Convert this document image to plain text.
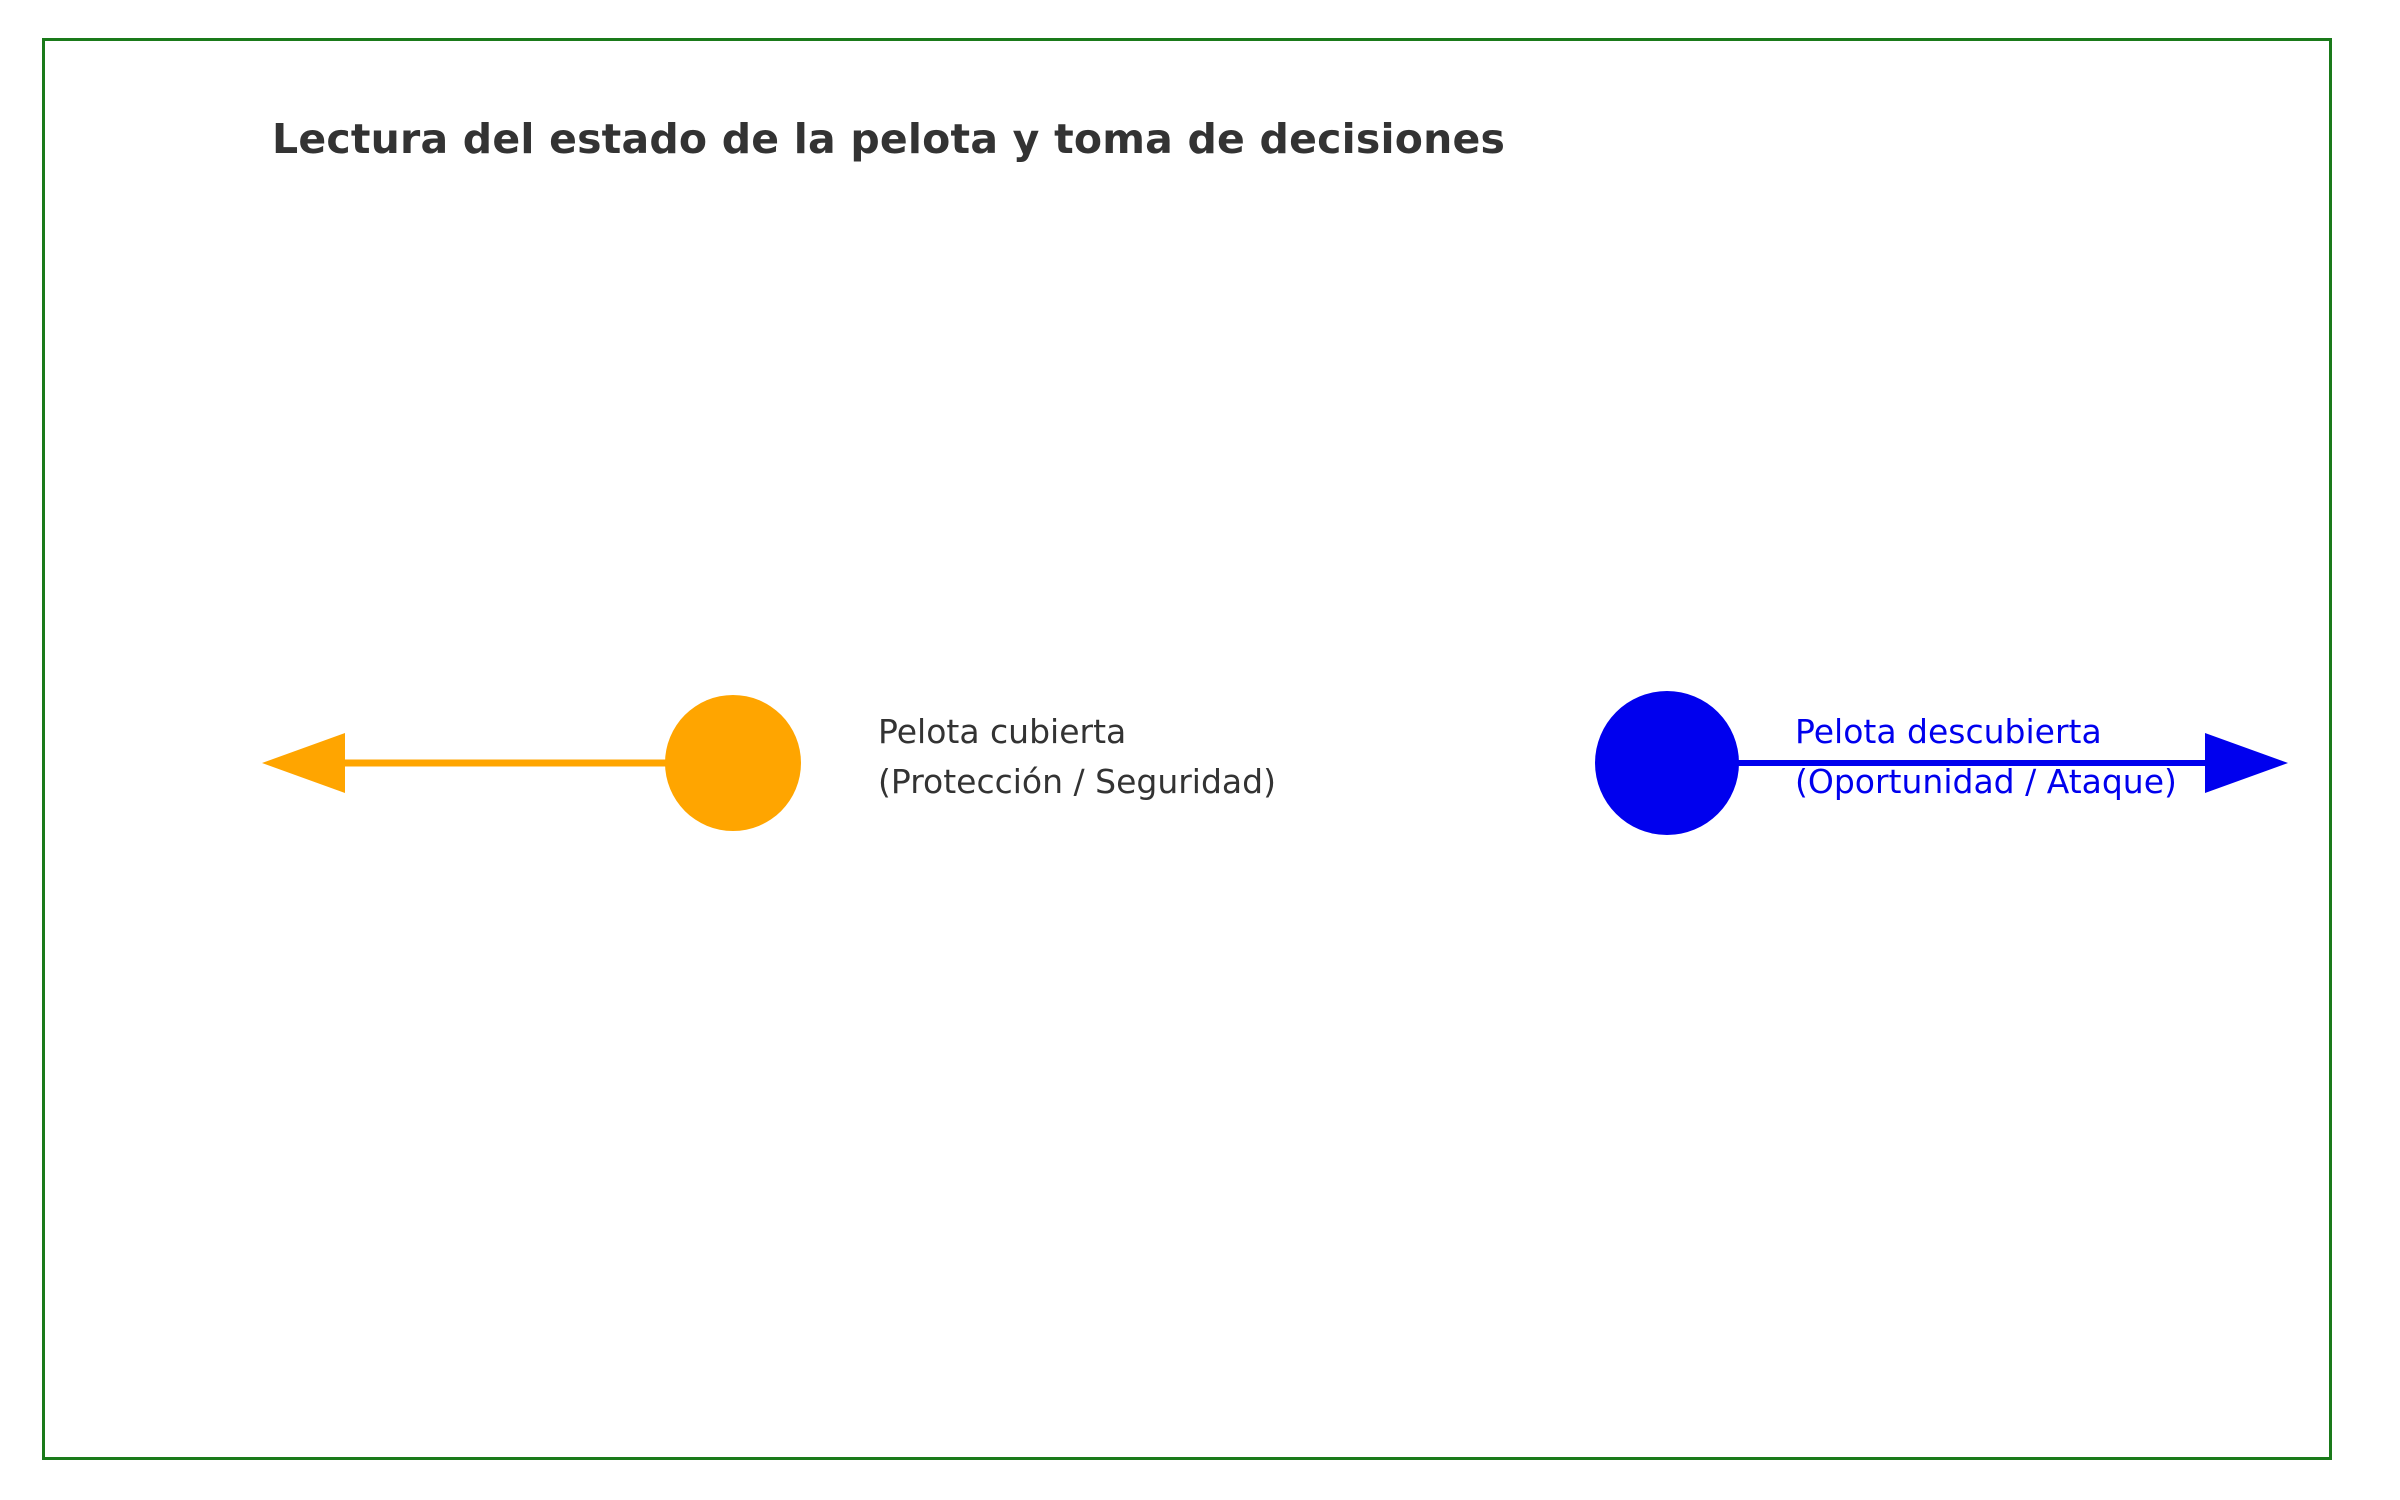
Lectura del estado de la pelota y toma de decisiones
Pelota cubierta
(Protección / Seguridad)
Pelota descubierta
(Oportunidad / Ataque)
